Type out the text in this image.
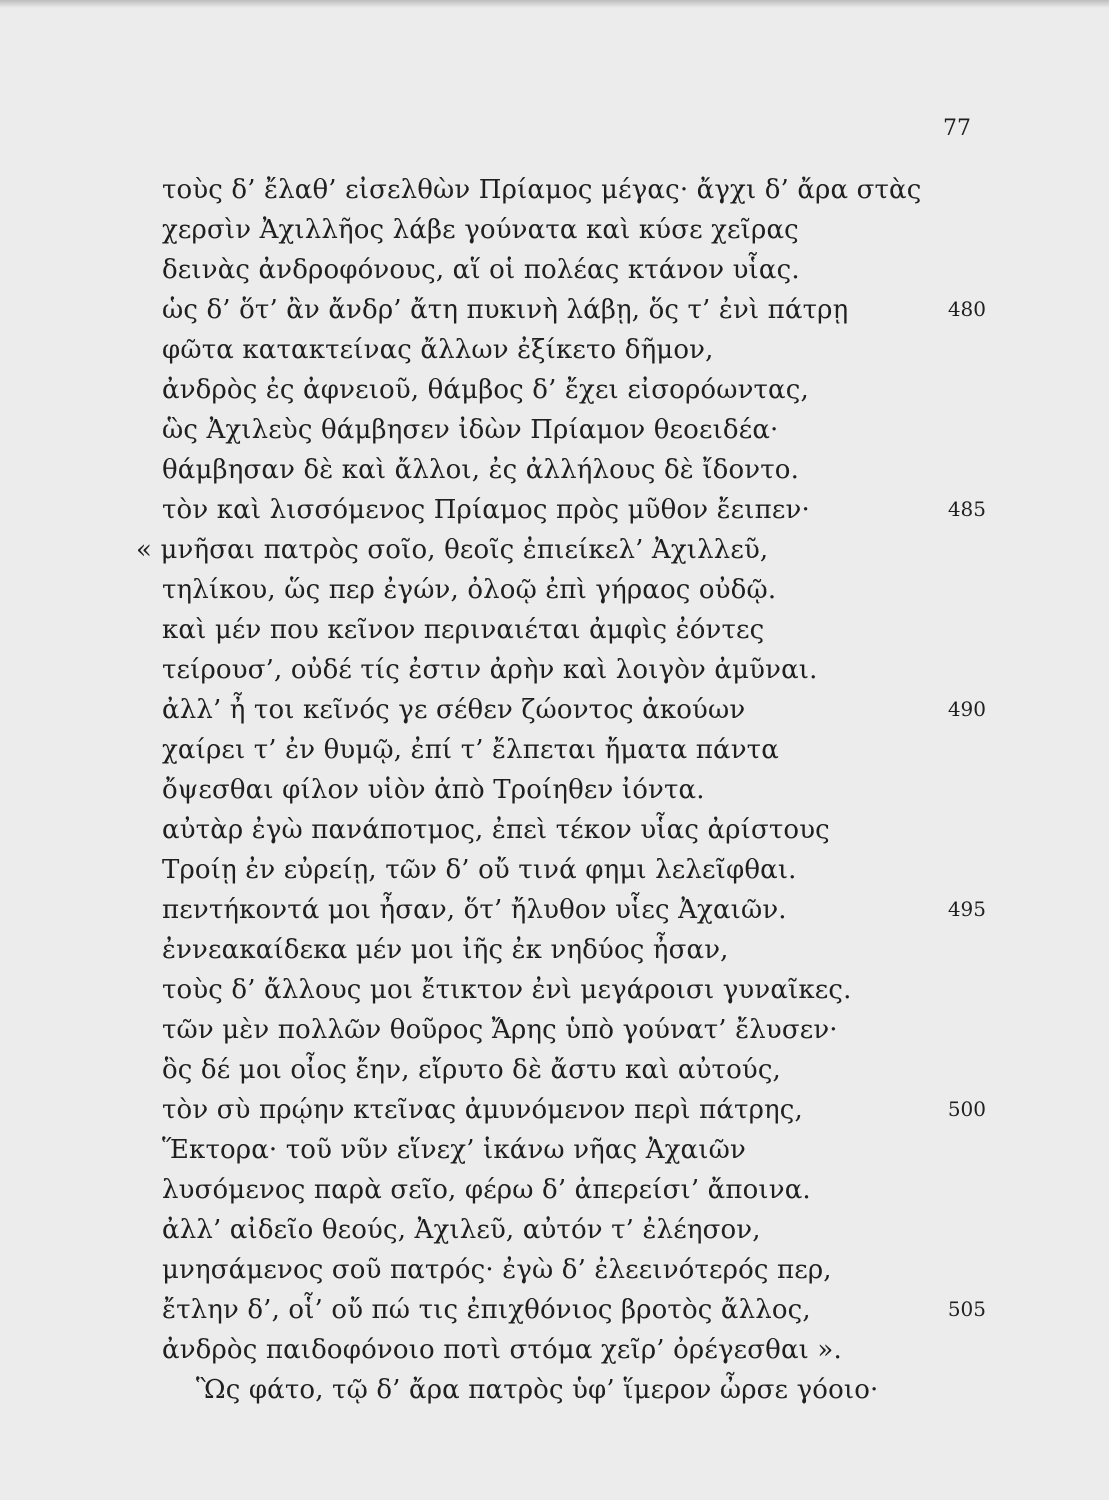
77
τοὺς δ’ ἔλαθ’ εἰσελθὼν Πρίαμος μέγας· ἄγχι δ’ ἄρα στὰς
χερσὶν Ἀχιλλῆος λάβε γούνατα καὶ κύσε χεῖρας
δεινὰς ἀνδροφόνους, αἵ οἱ πολέας κτάνον υἷας.
ὡς δ’ ὅτ’ ἂν ἄνδρ’ ἄτη πυκινὴ λάβῃ, ὅς τ’ ἐνὶ πάτρῃ	480
φῶτα κατακτείνας ἄλλων ἐξίκετο δῆμον,
ἀνδρὸς ἐς ἀφνειοῦ, θάμβος δ’ ἔχει εἰσορόωντας,
ὣς Ἀχιλεὺς θάμβησεν ἰδὼν Πρίαμον θεοειδέα·
θάμβησαν δὲ καὶ ἄλλοι, ἐς ἀλλήλους δὲ ἴδοντο.
τὸν καὶ λισσόμενος Πρίαμος πρὸς μῦθον ἔειπεν·	485
« μνῆσαι πατρὸς σοῖο, θεοῖς ἐπιείκελ’ Ἀχιλλεῦ,
τηλίκου, ὥς περ ἐγών, ὀλοῷ ἐπὶ γήραος οὐδῷ.
καὶ μέν που κεῖνον περιναιέται ἀμφὶς ἐόντες
τείρουσ’, οὐδέ τίς ἐστιν ἀρὴν καὶ λοιγὸν ἀμῦναι.
ἀλλ’ ἦ τοι κεῖνός γε σέθεν ζώοντος ἀκούων	490
χαίρει τ’ ἐν θυμῷ, ἐπί τ’ ἔλπεται ἤματα πάντα
ὄψεσθαι φίλον υἱὸν ἀπὸ Τροίηθεν ἰόντα.
αὐτὰρ ἐγὼ πανάποτμος, ἐπεὶ τέκον υἷας ἀρίστους
Τροίῃ ἐν εὐρείῃ, τῶν δ’ οὔ τινά φημι λελεῖφθαι.
πεντήκοντά μοι ἦσαν, ὅτ’ ἤλυθον υἷες Ἀχαιῶν.	495
ἐννεακαίδεκα μέν μοι ἰῆς ἐκ νηδύος ἦσαν,
τοὺς δ’ ἄλλους μοι ἔτικτον ἐνὶ μεγάροισι γυναῖκες.
τῶν μὲν πολλῶν θοῦρος Ἄρης ὑπὸ γούνατ’ ἔλυσεν·
ὃς δέ μοι οἶος ἔην, εἴρυτο δὲ ἄστυ καὶ αὐτούς,
τὸν σὺ πρῴην κτεῖνας ἀμυνόμενον περὶ πάτρης,	500
Ἕκτορα· τοῦ νῦν εἵνεχ’ ἱκάνω νῆας Ἀχαιῶν
λυσόμενος παρὰ σεῖο, φέρω δ’ ἀπερείσι’ ἄποινα.
ἀλλ’ αἰδεῖο θεούς, Ἀχιλεῦ, αὐτόν τ’ ἐλέησον,
μνησάμενος σοῦ πατρός· ἐγὼ δ’ ἐλεεινότερός περ,
ἔτλην δ’, οἷ’ οὔ πώ τις ἐπιχθόνιος βροτὸς ἄλλος,	505
ἀνδρὸς παιδοφόνοιο ποτὶ στόμα χεῖρ’ ὀρέγεσθαι ».
Ὣς φάτο, τῷ δ’ ἄρα πατρὸς ὑφ’ ἵμερον ὦρσε γόοιο·
